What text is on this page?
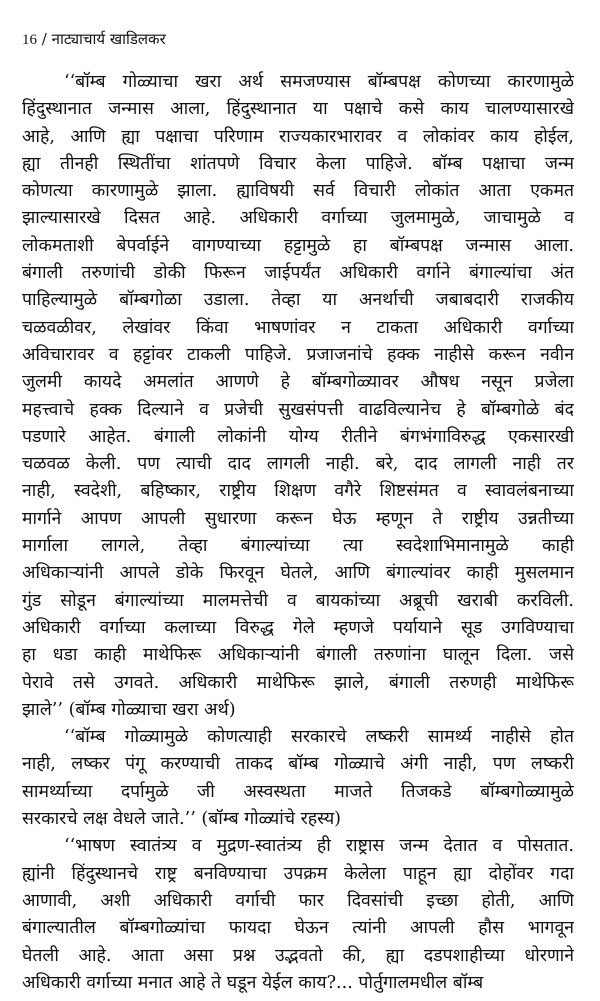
16 / नाट्याचार्य खाडिलकर
‘‘बॉम्ब गोळ्याचा खरा अर्थ समजण्यास बॉम्बपक्ष कोणच्या कारणामुळे
हिंदुस्थानात जन्मास आला, हिंदुस्थानात या पक्षाचे कसे काय चालण्यासारखे
आहे, आणि ह्या पक्षाचा परिणाम राज्यकारभारावर व लोकांवर काय होईल,
ह्या तीनही स्थितींचा शांतपणे विचार केला पाहिजे. बॉम्ब पक्षाचा जन्म
कोणत्या कारणामुळे झाला. ह्याविषयी सर्व विचारी लोकांत आता एकमत
झाल्यासारखे दिसत आहे. अधिकारी वर्गाच्या जुलमामुळे, जाचामुळे व
लोकमताशी बेपर्वाईने वागण्याच्या हट्टामुळे हा बॉम्बपक्ष जन्मास आला.
बंगाली तरुणांची डोकी फिरून जाईपर्यंत अधिकारी वर्गाने बंगाल्यांचा अंत
पाहिल्यामुळे बॉम्बगोळा उडाला. तेव्हा या अनर्थाची जबाबदारी राजकीय
चळवळीवर, लेखांवर किंवा भाषणांवर न टाकता अधिकारी वर्गाच्या
अविचारावर व हट्टांवर टाकली पाहिजे. प्रजाजनांचे हक्क नाहीसे करून नवीन
जुलमी कायदे अमलांत आणणे हे बॉम्बगोळ्यावर औषध नसून प्रजेला
महत्त्वाचे हक्क दिल्याने व प्रजेची सुखसंपत्ती वाढविल्यानेच हे बॉम्बगोळे बंद
पडणारे आहेत. बंगाली लोकांनी योग्य रीतीने बंगभंगाविरुद्ध एकसारखी
चळवळ केली. पण त्याची दाद लागली नाही. बरे, दाद लागली नाही तर
नाही, स्वदेशी, बहिष्कार, राष्ट्रीय शिक्षण वगैरे शिष्टसंमत व स्वावलंबनाच्या
मार्गाने आपण आपली सुधारणा करून घेऊ म्हणून ते राष्ट्रीय उन्नतीच्या
मार्गाला लागले, तेव्हा बंगाल्यांच्या त्या स्वदेशाभिमानामुळे काही
अधिकाऱ्यांनी आपले डोके फिरवून घेतले, आणि बंगाल्यांवर काही मुसलमान
गुंड सोडून बंगाल्यांच्या मालमत्तेची व बायकांच्या अब्रूची खराबी करविली.
अधिकारी वर्गाच्या कलाच्या विरुद्ध गेले म्हणजे पर्यायाने सूड उगविण्याचा
हा धडा काही माथेफिरू अधिकाऱ्यांनी बंगाली तरुणांना घालून दिला. जसे
पेरावे तसे उगवते. अधिकारी माथेफिरू झाले, बंगाली तरुणही माथेफिरू
झाले’’ (बॉम्ब गोळ्याचा खरा अर्थ)
‘‘बॉम्ब गोळ्यामुळे कोणत्याही सरकारचे लष्करी सामर्थ्य नाहीसे होत
नाही, लष्कर पंगू करण्याची ताकद बॉम्ब गोळ्याचे अंगी नाही, पण लष्करी
सामर्थ्याच्या दर्पामुळे जी अस्वस्थता माजते तिजकडे बॉम्बगोळ्यामुळे
सरकारचे लक्ष वेधले जाते.’’ (बॉम्ब गोळ्यांचे रहस्य)
‘‘भाषण स्वातंत्र्य व मुद्रण-स्वातंत्र्य ही राष्ट्रास जन्म देतात व पोसतात.
ह्यांनी हिंदुस्थानचे राष्ट्र बनविण्याचा उपक्रम केलेला पाहून ह्या दोहोंवर गदा
आणावी, अशी अधिकारी वर्गाची फार दिवसांची इच्छा होती, आणि
बंगाल्यातील बॉम्बगोळ्यांचा फायदा घेऊन त्यांनी आपली हौस भागवून
घेतली आहे. आता असा प्रश्न उद्भवतो की, ह्या दडपशाहीच्या धोरणाने
अधिकारी वर्गाच्या मनात आहे ते घडून येईल काय?... पोर्तुगालमधील बॉम्ब
